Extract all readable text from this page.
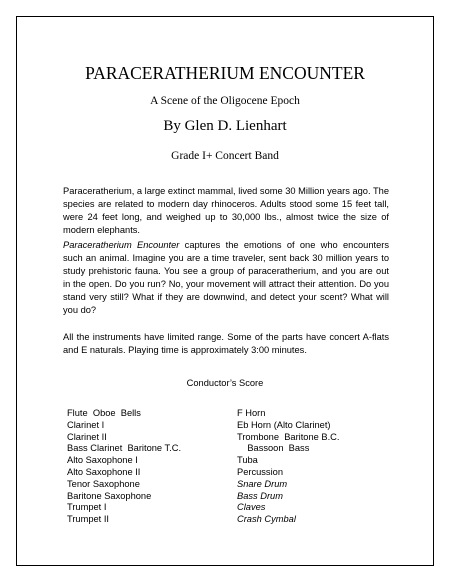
PARACERATHERIUM ENCOUNTER
A Scene of the Oligocene Epoch
By Glen D. Lienhart
Grade I+ Concert Band
Paraceratherium, a large extinct mammal, lived some 30 Million years ago. The species are related to modern day rhinoceros. Adults stood some 15 feet tall, were 24 feet long, and weighed up to 30,000 lbs., almost twice the size of modern elephants.
Paraceratherium Encounter captures the emotions of one who encounters such an animal. Imagine you are a time traveler, sent back 30 million years to study prehistoric fauna. You see a group of paraceratherium, and you are out in the open. Do you run? No, your movement will attract their attention. Do you stand very still? What if they are downwind, and detect your scent? What will you do?
All the instruments have limited range. Some of the parts have concert A-flats and E naturals. Playing time is approximately 3:00 minutes.
Conductor’s Score
Flute  Oboe  Bells
Clarinet I
Clarinet II
Bass Clarinet  Baritone T.C.
Alto Saxophone I
Alto Saxophone II
Tenor Saxophone
Baritone Saxophone
Trumpet I
Trumpet II
F Horn
Eb Horn (Alto Clarinet)
Trombone  Baritone B.C.
Bassoon  Bass
Tuba
Percussion
Snare Drum
Bass Drum
Claves
Crash Cymbal
